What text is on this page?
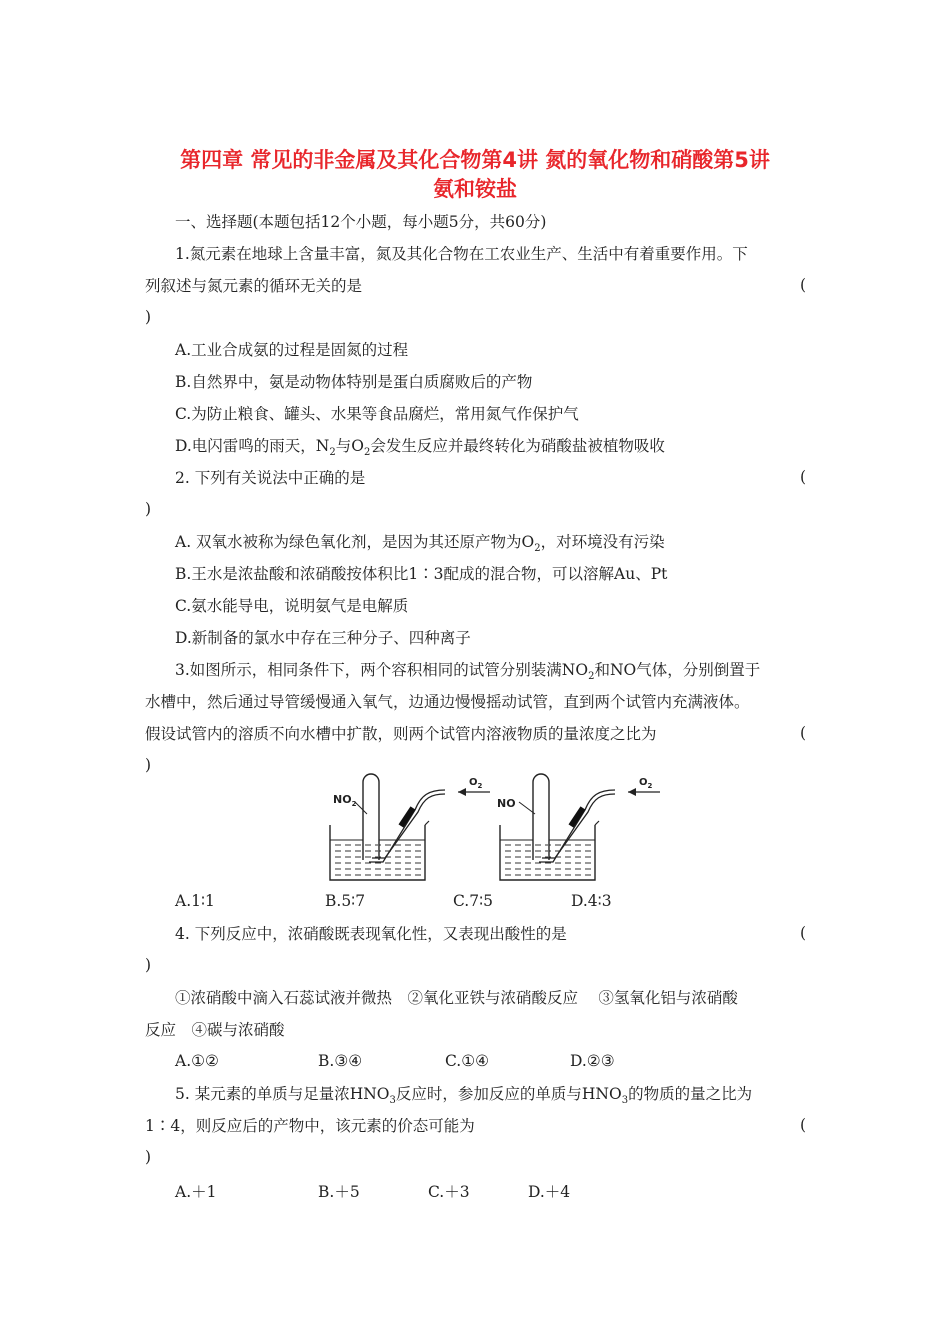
第四章 常见的非金属及其化合物第4讲 氮的氧化物和硝酸第5讲
氨和铵盐
一、选择题(本题包括12个小题，每小题5分，共60分)
1.氮元素在地球上含量丰富，氮及其化合物在工农业生产、生活中有着重要作用。下
列叙述与氮元素的循环无关的是	(
)
A.工业合成氨的过程是固氮的过程
B.自然界中，氨是动物体特别是蛋白质腐败后的产物
C.为防止粮食、罐头、水果等食品腐烂，常用氮气作保护气
D.电闪雷鸣的雨天，$N_2$与$O_2$会发生反应并最终转化为硝酸盐被植物吸收
2. 下列有关说法中正确的是	(
)
A. 双氧水被称为绿色氧化剂，是因为其还原产物为$O_2$，对环境没有污染
B.王水是浓盐酸和浓硝酸按体积比1∶3配成的混合物，可以溶解Au、Pt
C.氨水能导电，说明氨气是电解质
D.新制备的氯水中存在三种分子、四种离子
3.如图所示，相同条件下，两个容积相同的试管分别装满$NO_2$和NO气体，分别倒置于
水槽中，然后通过导管缓慢通入氧气，边通边慢慢摇动试管，直到两个试管内充满液体。
假设试管内的溶质不向水槽中扩散，则两个试管内溶液物质的量浓度之比为	(
)
$NO_2$
$O_2$
NO
$O_2$
A.1∶1	B.5∶7	C.7∶5	D.4∶3
4. 下列反应中，浓硝酸既表现氧化性，又表现出酸性的是	(
)
①浓硝酸中滴入石蕊试液并微热　②氧化亚铁与浓硝酸反应　 ③氢氧化铝与浓硝酸
反应　④碳与浓硝酸
A.①②	B.③④	C.①④	D.②③
5. 某元素的单质与足量浓$HNO_3$反应时，参加反应的单质与$HNO_3$的物质的量之比为
1∶4，则反应后的产物中，该元素的价态可能为	(
)
A.＋1	B.＋5	C.＋3	D.＋4
